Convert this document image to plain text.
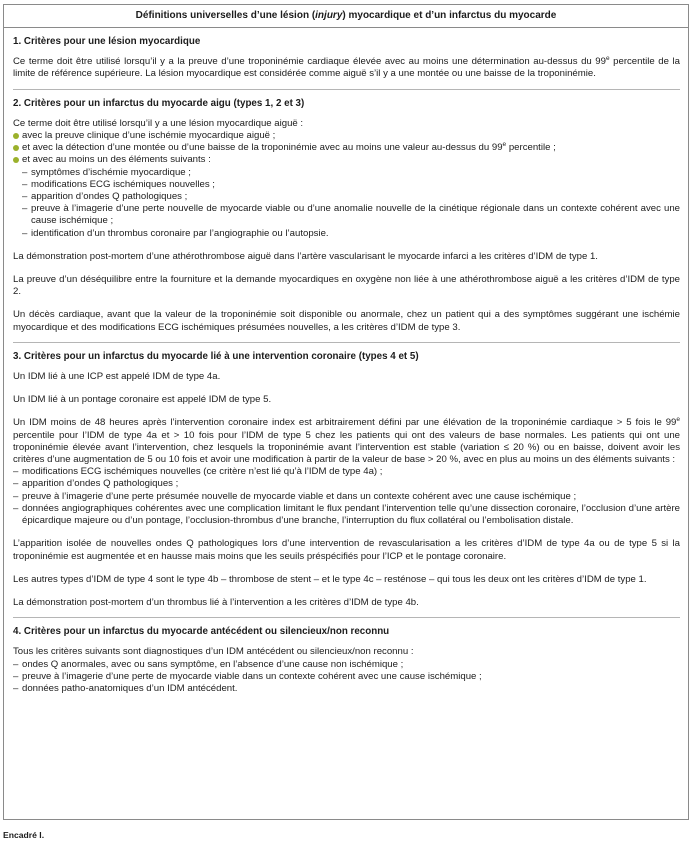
Définitions universelles d’une lésion (injury) myocardique et d’un infarctus du myocarde
1. Critères pour une lésion myocardique

Ce terme doit être utilisé lorsqu’il y a la preuve d’une troponinémie cardiaque élevée avec au moins une détermination au-dessus du 99e percentile de la limite de référence supérieure. La lésion myocardique est considérée comme aiguë s’il y a une montée ou une baisse de la troponinémie.

2. Critères pour un infarctus du myocarde aigu (types 1, 2 et 3)
Ce terme doit être utilisé lorsqu’il y a une lésion myocardique aiguë :
avec la preuve clinique d’une ischémie myocardique aiguë ;
et avec la détection d’une montée ou d’une baisse de la troponinémie avec au moins une valeur au-dessus du 99e percentile ;
et avec au moins un des éléments suivants :
– symptômes d’ischémie myocardique ;
– modifications ECG ischémiques nouvelles ;
– apparition d’ondes Q pathologiques ;
– preuve à l’imagerie d’une perte nouvelle de myocarde viable ou d’une anomalie nouvelle de la cinétique régionale dans un contexte cohérent avec une cause ischémique ;
– identification d’un thrombus coronaire par l’angiographie ou l’autopsie.

La démonstration post-mortem d’une athérothrombose aiguë dans l’artère vascularisant le myocarde infarci a les critères d’IDM de type 1.

La preuve d’un déséquilibre entre la fourniture et la demande myocardiques en oxygène non liée à une athérothrombose aiguë a les critères d’IDM de type 2.

Un décès cardiaque, avant que la valeur de la troponinémie soit disponible ou anormale, chez un patient qui a des symptômes suggérant une ischémie myocardique et des modifications ECG ischémiques présumées nouvelles, a les critères d’IDM de type 3.

3. Critères pour un infarctus du myocarde lié à une intervention coronaire (types 4 et 5)

Un IDM lié à une ICP est appelé IDM de type 4a.

Un IDM lié à un pontage coronaire est appelé IDM de type 5.

Un IDM moins de 48 heures après l’intervention coronaire index est arbitrairement défini par une élévation de la troponinémie cardiaque > 5 fois le 99e percentile pour l’IDM de type 4a et > 10 fois pour l’IDM de type 5 chez les patients qui ont des valeurs de base normales. Les patients qui ont une troponinémie élevée avant l’intervention, chez lesquels la troponinémie avant l’intervention est stable (variation ≤ 20 %) ou en baisse, doivent avoir les critères d’une augmentation de 5 ou 10 fois et avoir une modification à partir de la valeur de base > 20 %, avec en plus au moins un des éléments suivants :

– modifications ECG ischémiques nouvelles (ce critère n’est lié qu’à l’IDM de type 4a) ;
– apparition d’ondes Q pathologiques ;
– preuve à l’imagerie d’une perte présumée nouvelle de myocarde viable et dans un contexte cohérent avec une cause ischémique ;
– données angiographiques cohérentes avec une complication limitant le flux pendant l’intervention telle qu’une dissection coronaire, l’occlusion d’une artère épicardique majeure ou d’un pontage, l’occlusion-thrombus d’une branche, l’interruption du flux collatéral ou l’embolisation distale.

L’apparition isolée de nouvelles ondes Q pathologiques lors d’une intervention de revascularisation a les critères d’IDM de type 4a ou de type 5 si la troponinémie est augmentée et en hausse mais moins que les seuils préspécifiés pour l’ICP et le pontage coronaire.

Les autres types d’IDM de type 4 sont le type 4b – thrombose de stent – et le type 4c – resténose – qui tous les deux ont les critères d’IDM de type 1.

La démonstration post-mortem d’un thrombus lié à l’intervention a les critères d’IDM de type 4b.

4. Critères pour un infarctus du myocarde antécédent ou silencieux/non reconnu
Tous les critères suivants sont diagnostiques d’un IDM antécédent ou silencieux/non reconnu :
– ondes Q anormales, avec ou sans symptôme, en l’absence d’une cause non ischémique ;
– preuve à l’imagerie d’une perte de myocarde viable dans un contexte cohérent avec une cause ischémique ;
– données patho-anatomiques d’un IDM antécédent.
Encadré I.
